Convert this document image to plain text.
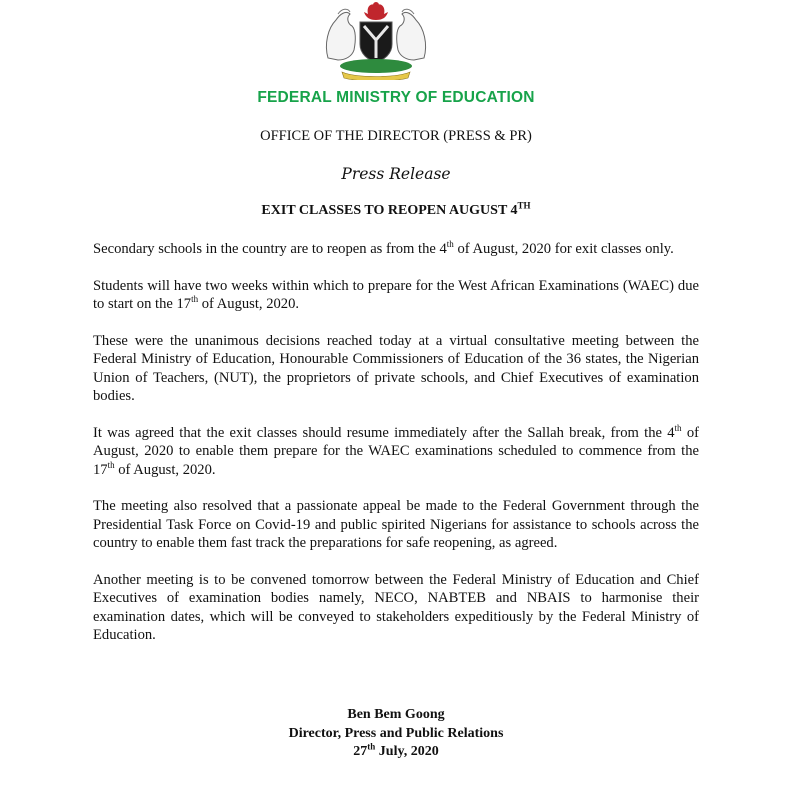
FEDERAL MINISTRY OF EDUCATION
OFFICE OF THE DIRECTOR (PRESS & PR)
Press Release
EXIT CLASSES TO REOPEN AUGUST 4TH

Secondary schools in the country are to reopen as from the 4th of August, 2020 for exit classes only.

Students will have two weeks within which to prepare for the West African Examinations (WAEC) due to start on the 17th of August, 2020.

These were the unanimous decisions reached today at a virtual consultative meeting between the Federal Ministry of Education, Honourable Commissioners of Education of the 36 states, the Nigerian Union of Teachers, (NUT), the proprietors of private schools, and Chief Executives of examination bodies.

It was agreed that the exit classes should resume immediately after the Sallah break, from the 4th of August, 2020 to enable them prepare for the WAEC examinations scheduled to commence from the 17th of August, 2020.

The meeting also resolved that a passionate appeal be made to the Federal Government through the Presidential Task Force on Covid-19 and public spirited Nigerians for assistance to schools across the country to enable them fast track the preparations for safe reopening, as agreed.

Another meeting is to be convened tomorrow between the Federal Ministry of Education and Chief Executives of examination bodies namely, NECO, NABTEB and NBAIS to harmonise their examination dates, which will be conveyed to stakeholders expeditiously by the Federal Ministry of Education.

Ben Bem Goong
Director, Press and Public Relations
27th July, 2020
